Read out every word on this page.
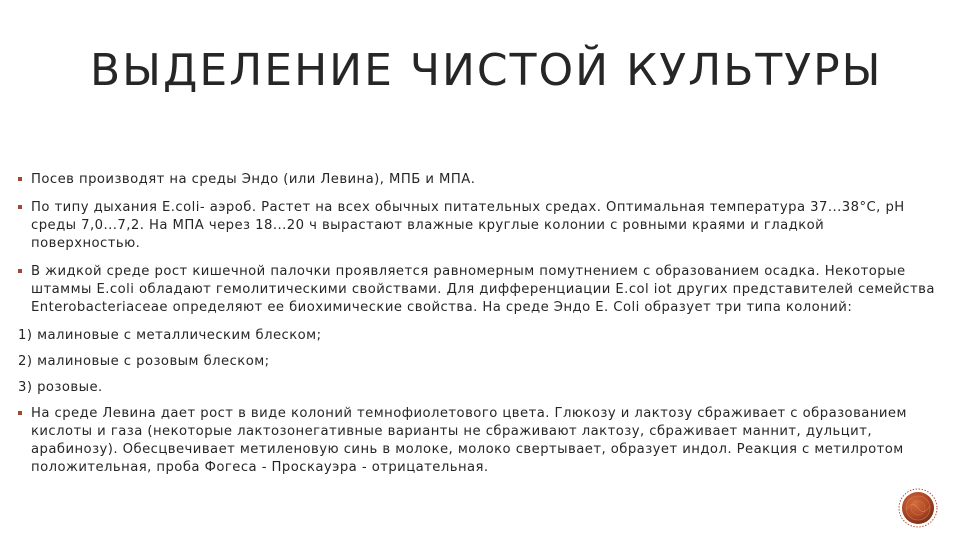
ВЫДЕЛЕНИЕ ЧИСТОЙ КУЛЬТУРЫ
Посев производят на среды Эндо (или Левина), МПБ и МПА.
По типу дыхания E.coli- аэроб. Растет на всех обычных питательных средах. Оптимальная температура 37...38°С, рН среды 7,0...7,2. На МПА через 18...20 ч вырастают влажные круглые колонии с ровными краями и гладкой поверхностью.
В жидкой среде рост кишечной палочки проявляется равномерным помутнением с образованием осадка. Некоторые штаммы E.coli обладают гемолитическими свойствами. Для дифференциации E.col iot других представителей семейства Enterobacteriaceae определяют ее биохимические свойства. На среде Эндо Е. Coli образует три типа колоний:
1) малиновые с металлическим блеском;
2) малиновые с розовым блеском;
3) розовые.
На среде Левина дает рост в виде колоний темнофиолетового цвета. Глюкозу и лактозу сбраживает с образованием кислоты и газа (некоторые лактозонегативные варианты не сбраживают лактозу, сбраживает маннит, дульцит, арабинозу). Обесцвечивает метиленовую синь в молоке, молоко свертывает, образует индол. Реакция с метилротом положительная, проба Фогеса - Проскауэра - отрицательная.
